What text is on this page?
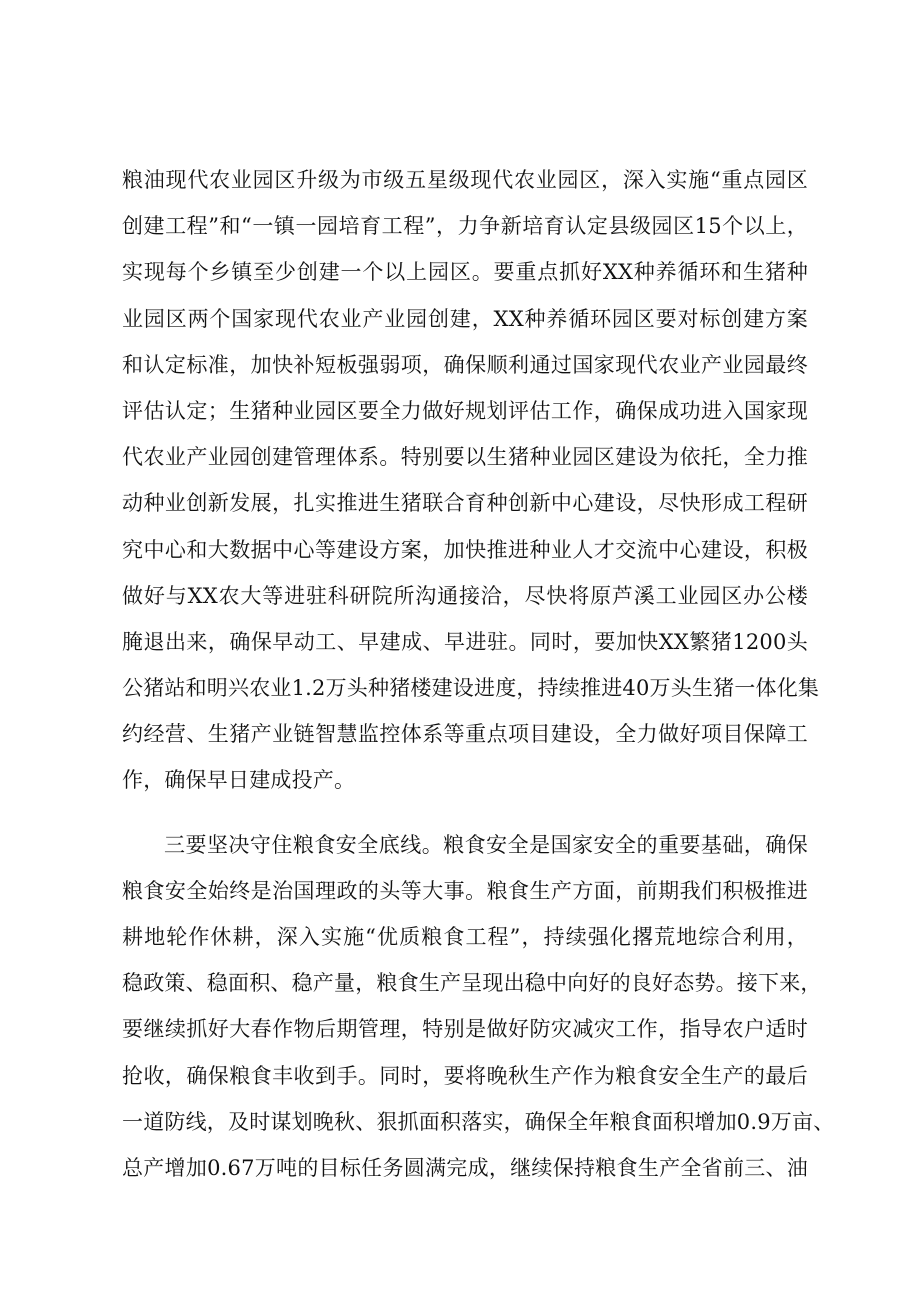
粮油现代农业园区升级为市级五星级现代农业园区，深入实施“重点园区
创建工程”和“一镇一园培育工程”，力争新培育认定县级园区15个以上，
实现每个乡镇至少创建一个以上园区。要重点抓好XX种养循环和生猪种
业园区两个国家现代农业产业园创建，XX种养循环园区要对标创建方案
和认定标准，加快补短板强弱项，确保顺利通过国家现代农业产业园最终
评估认定；生猪种业园区要全力做好规划评估工作，确保成功进入国家现
代农业产业园创建管理体系。特别要以生猪种业园区建设为依托，全力推
动种业创新发展，扎实推进生猪联合育种创新中心建设，尽快形成工程研
究中心和大数据中心等建设方案，加快推进种业人才交流中心建设，积极
做好与XX农大等进驻科研院所沟通接洽，尽快将原芦溪工业园区办公楼
腌退出来，确保早动工、早建成、早进驻。同时，要加快XX繁猪1200头
公猪站和明兴农业1.2万头种猪楼建设进度，持续推进40万头生猪一体化集
约经营、生猪产业链智慧监控体系等重点项目建设，全力做好项目保障工
作，确保早日建成投产。
三要坚决守住粮食安全底线。粮食安全是国家安全的重要基础，确保
粮食安全始终是治国理政的头等大事。粮食生产方面，前期我们积极推进
耕地轮作休耕，深入实施“优质粮食工程”，持续强化撂荒地综合利用，
稳政策、稳面积、稳产量，粮食生产呈现出稳中向好的良好态势。接下来，
要继续抓好大春作物后期管理，特别是做好防灾减灾工作，指导农户适时
抢收，确保粮食丰收到手。同时，要将晚秋生产作为粮食安全生产的最后
一道防线，及时谋划晚秋、狠抓面积落实，确保全年粮食面积增加0.9万亩、
总产增加0.67万吨的目标任务圆满完成，继续保持粮食生产全省前三、油
